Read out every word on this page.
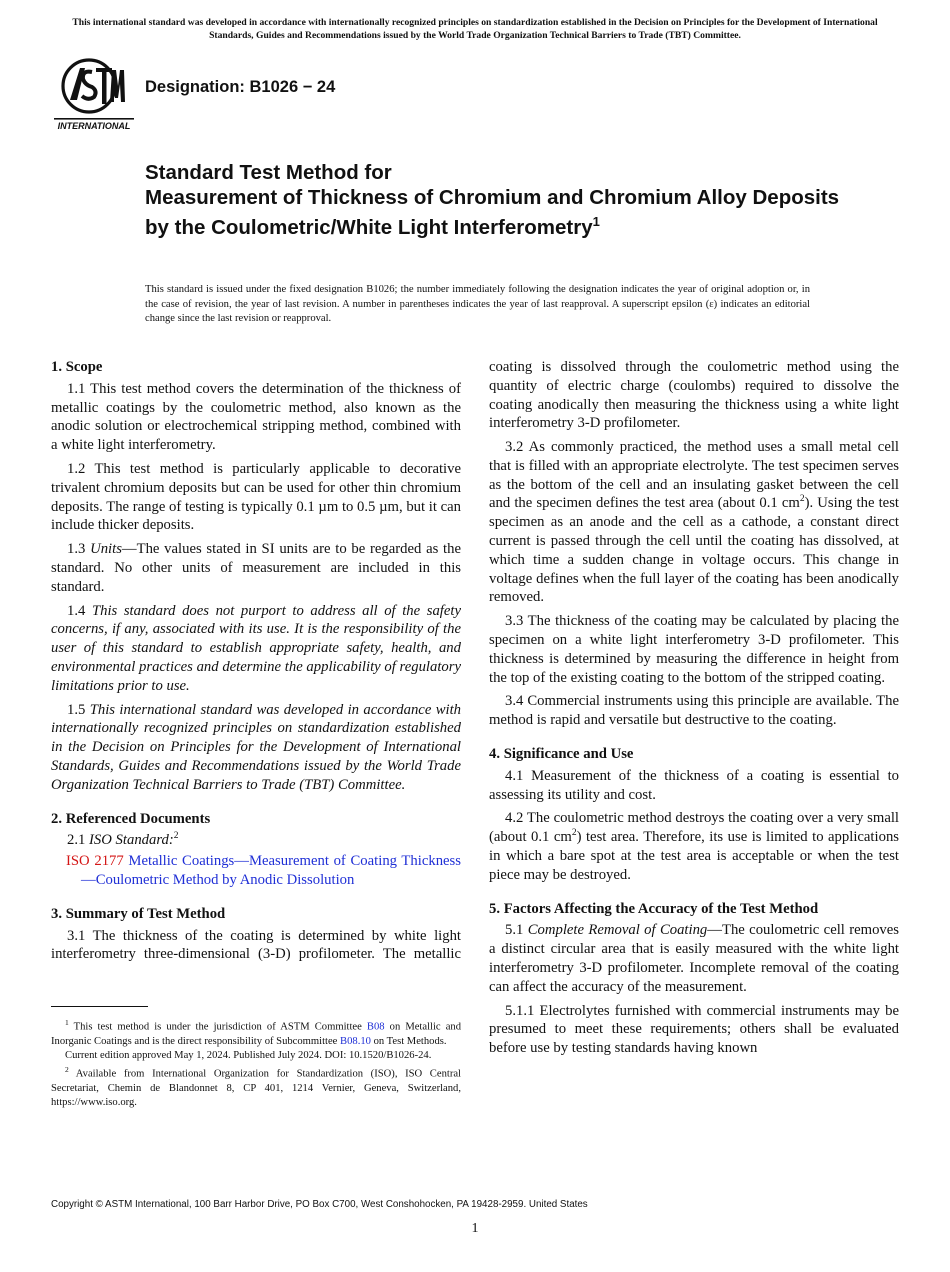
This international standard was developed in accordance with internationally recognized principles on standardization established in the Decision on Principles for the Development of International Standards, Guides and Recommendations issued by the World Trade Organization Technical Barriers to Trade (TBT) Committee.
INTERNATIONAL
Designation: B1026 − 24
Standard Test Method for
Measurement of Thickness of Chromium and Chromium Alloy Deposits by the Coulometric/White Light Interferometry$^1$
This standard is issued under the fixed designation B1026; the number immediately following the designation indicates the year of original adoption or, in the case of revision, the year of last revision. A number in parentheses indicates the year of last reapproval. A superscript epsilon (ε) indicates an editorial change since the last revision or reapproval.
1. Scope

1.1 This test method covers the determination of the thickness of metallic coatings by the coulometric method, also known as the anodic solution or electrochemical stripping method, combined with a white light interferometry.

1.2 This test method is particularly applicable to decorative trivalent chromium deposits but can be used for other thin chromium deposits. The range of testing is typically 0.1 µm to 0.5 µm, but it can include thicker deposits.

1.3 Units—The values stated in SI units are to be regarded as the standard. No other units of measurement are included in this standard.

1.4 This standard does not purport to address all of the safety concerns, if any, associated with its use. It is the responsibility of the user of this standard to establish appropriate safety, health, and environmental practices and determine the applicability of regulatory limitations prior to use.

1.5 This international standard was developed in accordance with internationally recognized principles on standardization established in the Decision on Principles for the Development of International Standards, Guides and Recommendations issued by the World Trade Organization Technical Barriers to Trade (TBT) Committee.

2. Referenced Documents

2.1 ISO Standard:$^2$

ISO 2177 Metallic Coatings—Measurement of Coating Thickness—Coulometric Method by Anodic Dissolution
3. Summary of Test Method

3.1 The thickness of the coating is determined by white light interferometry three-dimensional (3-D) profilometer. The metallic

coating is dissolved through the coulometric method using the quantity of electric charge (coulombs) required to dissolve the coating anodically then measuring the thickness using a white light interferometry 3-D profilometer.

3.2 As commonly practiced, the method uses a small metal cell that is filled with an appropriate electrolyte. The test specimen serves as the bottom of the cell and an insulating gasket between the cell and the specimen defines the test area (about 0.1 $cm^2$). Using the test specimen as an anode and the cell as a cathode, a constant direct current is passed through the cell until the coating has dissolved, at which time a sudden change in voltage occurs. This change in voltage defines when the full layer of the coating has been anodically removed.

3.3 The thickness of the coating may be calculated by placing the specimen on a white light interferometry 3-D profilometer. This thickness is determined by measuring the difference in height from the top of the existing coating to the bottom of the stripped coating.

3.4 Commercial instruments using this principle are available. The method is rapid and versatile but destructive to the coating.

4. Significance and Use

4.1 Measurement of the thickness of a coating is essential to assessing its utility and cost.

4.2 The coulometric method destroys the coating over a very small (about 0.1 $cm^2$) test area. Therefore, its use is limited to applications in which a bare spot at the test area is acceptable or when the test piece may be destroyed.

5. Factors Affecting the Accuracy of the Test Method

5.1 Complete Removal of Coating—The coulometric cell removes a distinct circular area that is easily measured with the white light interferometry 3-D profilometer. Incomplete removal of the coating can affect the accuracy of the measurement.

5.1.1 Electrolytes furnished with commercial instruments may be presumed to meet these requirements; others shall be evaluated before use by testing standards having known

$^1$ This test method is under the jurisdiction of ASTM Committee B08 on Metallic and Inorganic Coatings and is the direct responsibility of Subcommittee B08.10 on Test Methods.

Current edition approved May 1, 2024. Published July 2024. DOI: 10.1520/B1026-24.

$^2$ Available from International Organization for Standardization (ISO), ISO Central Secretariat, Chemin de Blandonnet 8, CP 401, 1214 Vernier, Geneva, Switzerland, https://www.iso.org.

Copyright © ASTM International, 100 Barr Harbor Drive, PO Box C700, West Conshohocken, PA 19428-2959. United States
1
